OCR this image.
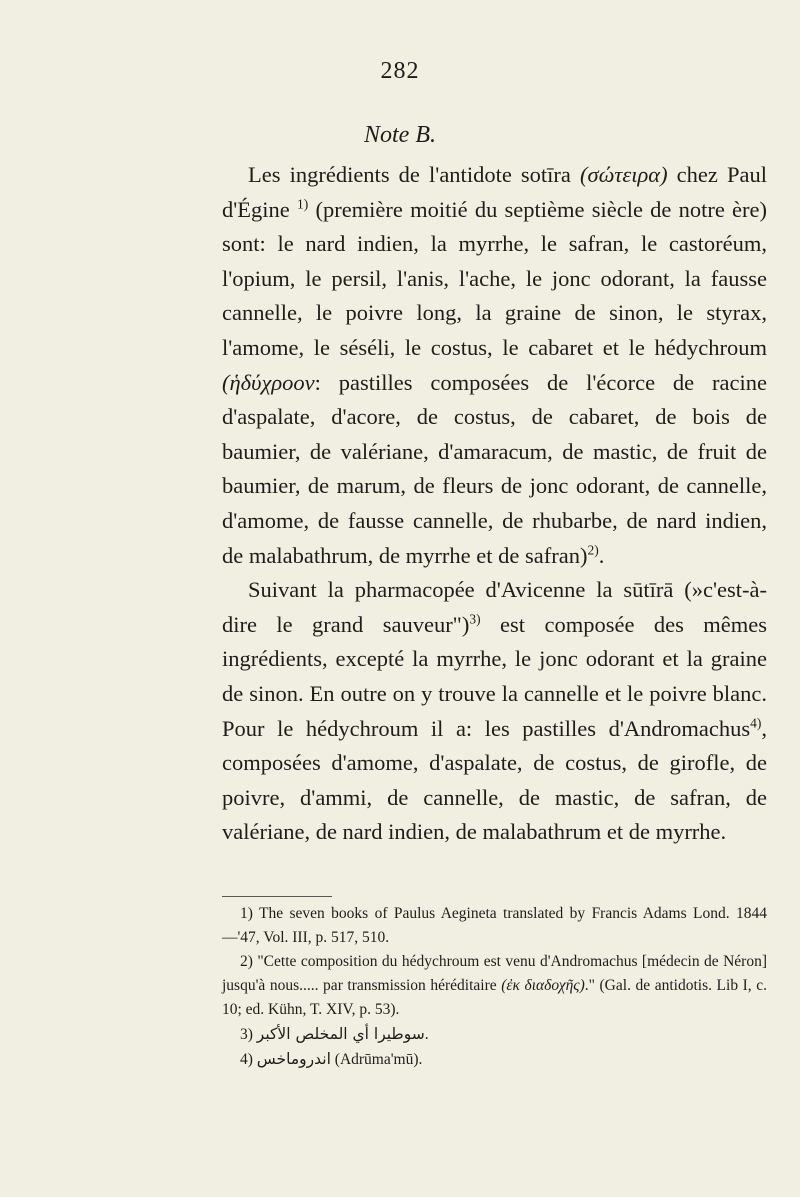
282
Note B.

Les ingrédients de l'antidote sotīra (σώτειρα) chez Paul d'Égine $^{1)}$ (première moitié du septième siècle de notre ère) sont: le nard indien, la myrrhe, le safran, le castoréum, l'opium, le persil, l'anis, l'ache, le jonc odorant, la fausse cannelle, le poivre long, la graine de sinon, le styrax, l'amome, le séséli, le costus, le cabaret et le hédychroum (ἡδύχρoον: pastilles composées de l'écorce de racine d'aspalate, d'acore, de costus, de cabaret, de bois de baumier, de valériane, d'amaracum, de mastic, de fruit de baumier, de marum, de fleurs de jonc odorant, de cannelle, d'amome, de fausse cannelle, de rhubarbe, de nard indien, de malabathrum, de myrrhe et de safran)$^{2)}$.

Suivant la pharmacopée d'Avicenne la sūtīrā (»c'est-à-dire le grand sauveur")$^{3)}$ est composée des mêmes ingrédients, excepté la myrrhe, le jonc odorant et la graine de sinon. En outre on y trouve la cannelle et le poivre blanc. Pour le hédychroum il a: les pastilles d'Andromachus$^{4)}$, composées d'amome, d'aspalate, de costus, de girofle, de poivre, d'ammi, de cannelle, de mastic, de safran, de valériane, de nard indien, de malabathrum et de myrrhe.

1) The seven books of Paulus Aegineta translated by Francis Adams Lond. 1844—'47, Vol. III, p. 517, 510.

2) "Cette composition du hédychroum est venu d'Andromachus [médecin de Néron] jusqu'à nous..... par transmission héréditaire (ἐκ διαδοχῆς)." (Gal. de antidotis. Lib I, c. 10; ed. Kühn, T. XIV, p. 53).

3) سوطیرا أي المخلص الأكبر.

4) اندروماخس (Adrūma'mū).
